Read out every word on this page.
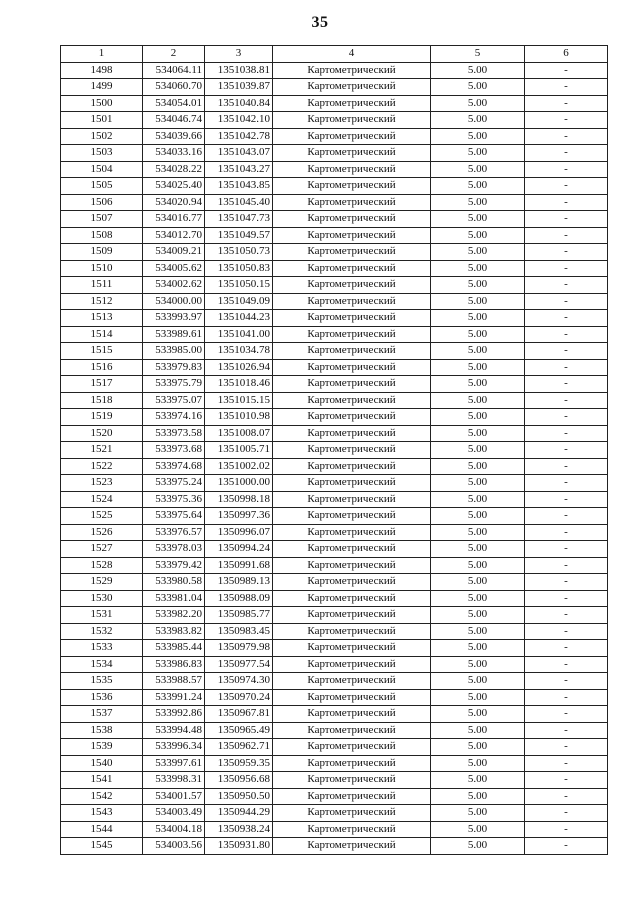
35
1	2	3	4	5	6
1498	534064.11	1351038.81	Картометрический	5.00	-
1499	534060.70	1351039.87	Картометрический	5.00	-
1500	534054.01	1351040.84	Картометрический	5.00	-
1501	534046.74	1351042.10	Картометрический	5.00	-
1502	534039.66	1351042.78	Картометрический	5.00	-
1503	534033.16	1351043.07	Картометрический	5.00	-
1504	534028.22	1351043.27	Картометрический	5.00	-
1505	534025.40	1351043.85	Картометрический	5.00	-
1506	534020.94	1351045.40	Картометрический	5.00	-
1507	534016.77	1351047.73	Картометрический	5.00	-
1508	534012.70	1351049.57	Картометрический	5.00	-
1509	534009.21	1351050.73	Картометрический	5.00	-
1510	534005.62	1351050.83	Картометрический	5.00	-
1511	534002.62	1351050.15	Картометрический	5.00	-
1512	534000.00	1351049.09	Картометрический	5.00	-
1513	533993.97	1351044.23	Картометрический	5.00	-
1514	533989.61	1351041.00	Картометрический	5.00	-
1515	533985.00	1351034.78	Картометрический	5.00	-
1516	533979.83	1351026.94	Картометрический	5.00	-
1517	533975.79	1351018.46	Картометрический	5.00	-
1518	533975.07	1351015.15	Картометрический	5.00	-
1519	533974.16	1351010.98	Картометрический	5.00	-
1520	533973.58	1351008.07	Картометрический	5.00	-
1521	533973.68	1351005.71	Картометрический	5.00	-
1522	533974.68	1351002.02	Картометрический	5.00	-
1523	533975.24	1351000.00	Картометрический	5.00	-
1524	533975.36	1350998.18	Картометрический	5.00	-
1525	533975.64	1350997.36	Картометрический	5.00	-
1526	533976.57	1350996.07	Картометрический	5.00	-
1527	533978.03	1350994.24	Картометрический	5.00	-
1528	533979.42	1350991.68	Картометрический	5.00	-
1529	533980.58	1350989.13	Картометрический	5.00	-
1530	533981.04	1350988.09	Картометрический	5.00	-
1531	533982.20	1350985.77	Картометрический	5.00	-
1532	533983.82	1350983.45	Картометрический	5.00	-
1533	533985.44	1350979.98	Картометрический	5.00	-
1534	533986.83	1350977.54	Картометрический	5.00	-
1535	533988.57	1350974.30	Картометрический	5.00	-
1536	533991.24	1350970.24	Картометрический	5.00	-
1537	533992.86	1350967.81	Картометрический	5.00	-
1538	533994.48	1350965.49	Картометрический	5.00	-
1539	533996.34	1350962.71	Картометрический	5.00	-
1540	533997.61	1350959.35	Картометрический	5.00	-
1541	533998.31	1350956.68	Картометрический	5.00	-
1542	534001.57	1350950.50	Картометрический	5.00	-
1543	534003.49	1350944.29	Картометрический	5.00	-
1544	534004.18	1350938.24	Картометрический	5.00	-
1545	534003.56	1350931.80	Картометрический	5.00	-
